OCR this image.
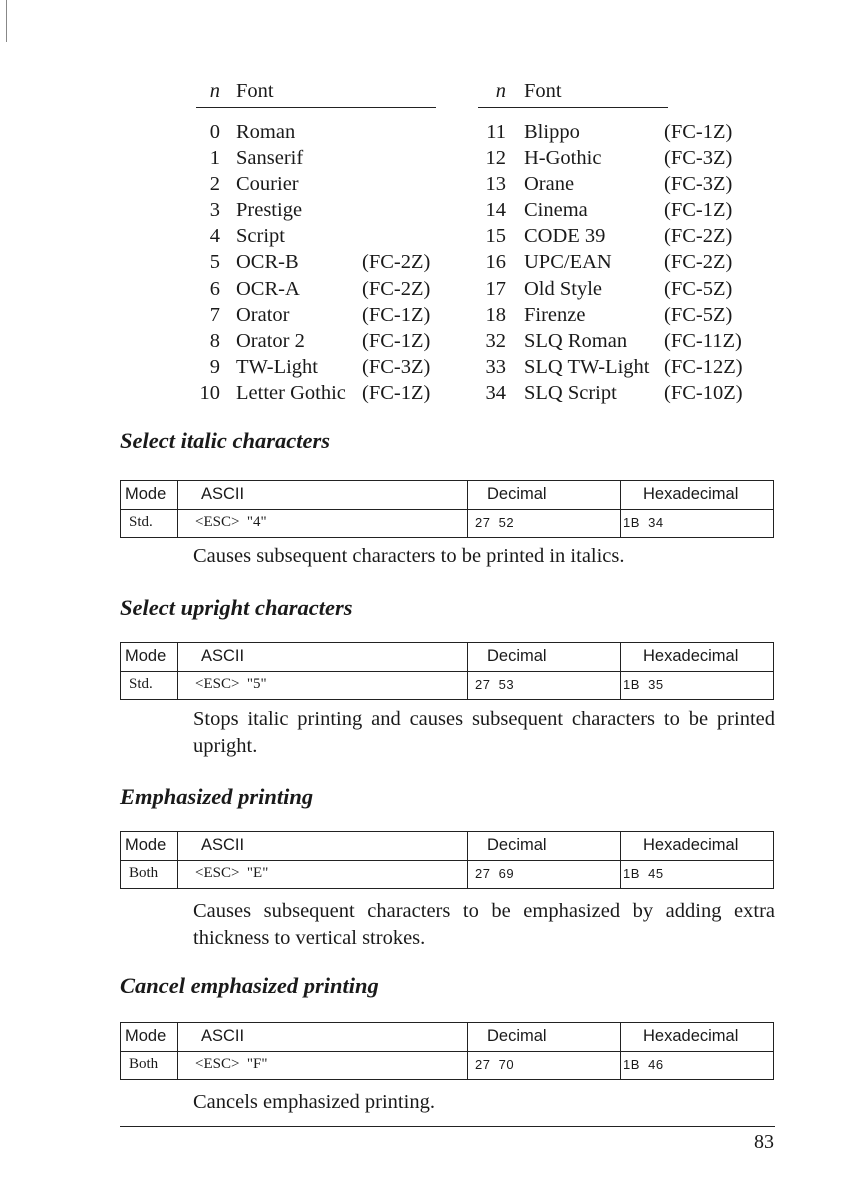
n Font
0 Roman
1 Sanserif
2 Courier
3 Prestige
4 Script
5 OCR-B	(FC-2Z)
6 OCR-A	(FC-2Z)
7 Orator	(FC-1Z)
8 Orator 2	(FC-1Z)
9 TW-Light (FC-3Z)
10 Letter Gothic (FC-1Z)
n Font
11 Blippo	(FC-1Z)
12 H-Gothic	(FC-3Z)
13 Orane	(FC-3Z)
14 Cinema	(FC-1Z)
15 CODE 39	(FC-2Z)
16 UPC/EAN	(FC-2Z)
17 Old Style	(FC-5Z)
18 Firenze	(FC-5Z)
32 SLQ Roman (FC-11Z)
33 SLQ TW-Light (FC-12Z)
34 SLQ Script (FC-10Z)
Select italic characters
Mode ASCII	Decimal	Hexadecimal
Std.	<ESC>  "4"	27  52	1B  34

Causes subsequent characters to be printed in italics.

Select upright characters
Mode ASCII	Decimal	Hexadecimal
Std.	<ESC>  "5"	27  53	1B  35

Stops italic printing and causes subsequent characters to be printed upright.

Emphasized printing
Mode ASCII	Decimal	Hexadecimal
Both <ESC>  "E"	27  69	1B  45

Causes subsequent characters to be emphasized by adding extra thickness to vertical strokes.

Cancel emphasized printing
Mode ASCII	Decimal	Hexadecimal
Both <ESC>  "F"	27  70	1B  46

Cancels emphasized printing.

83
